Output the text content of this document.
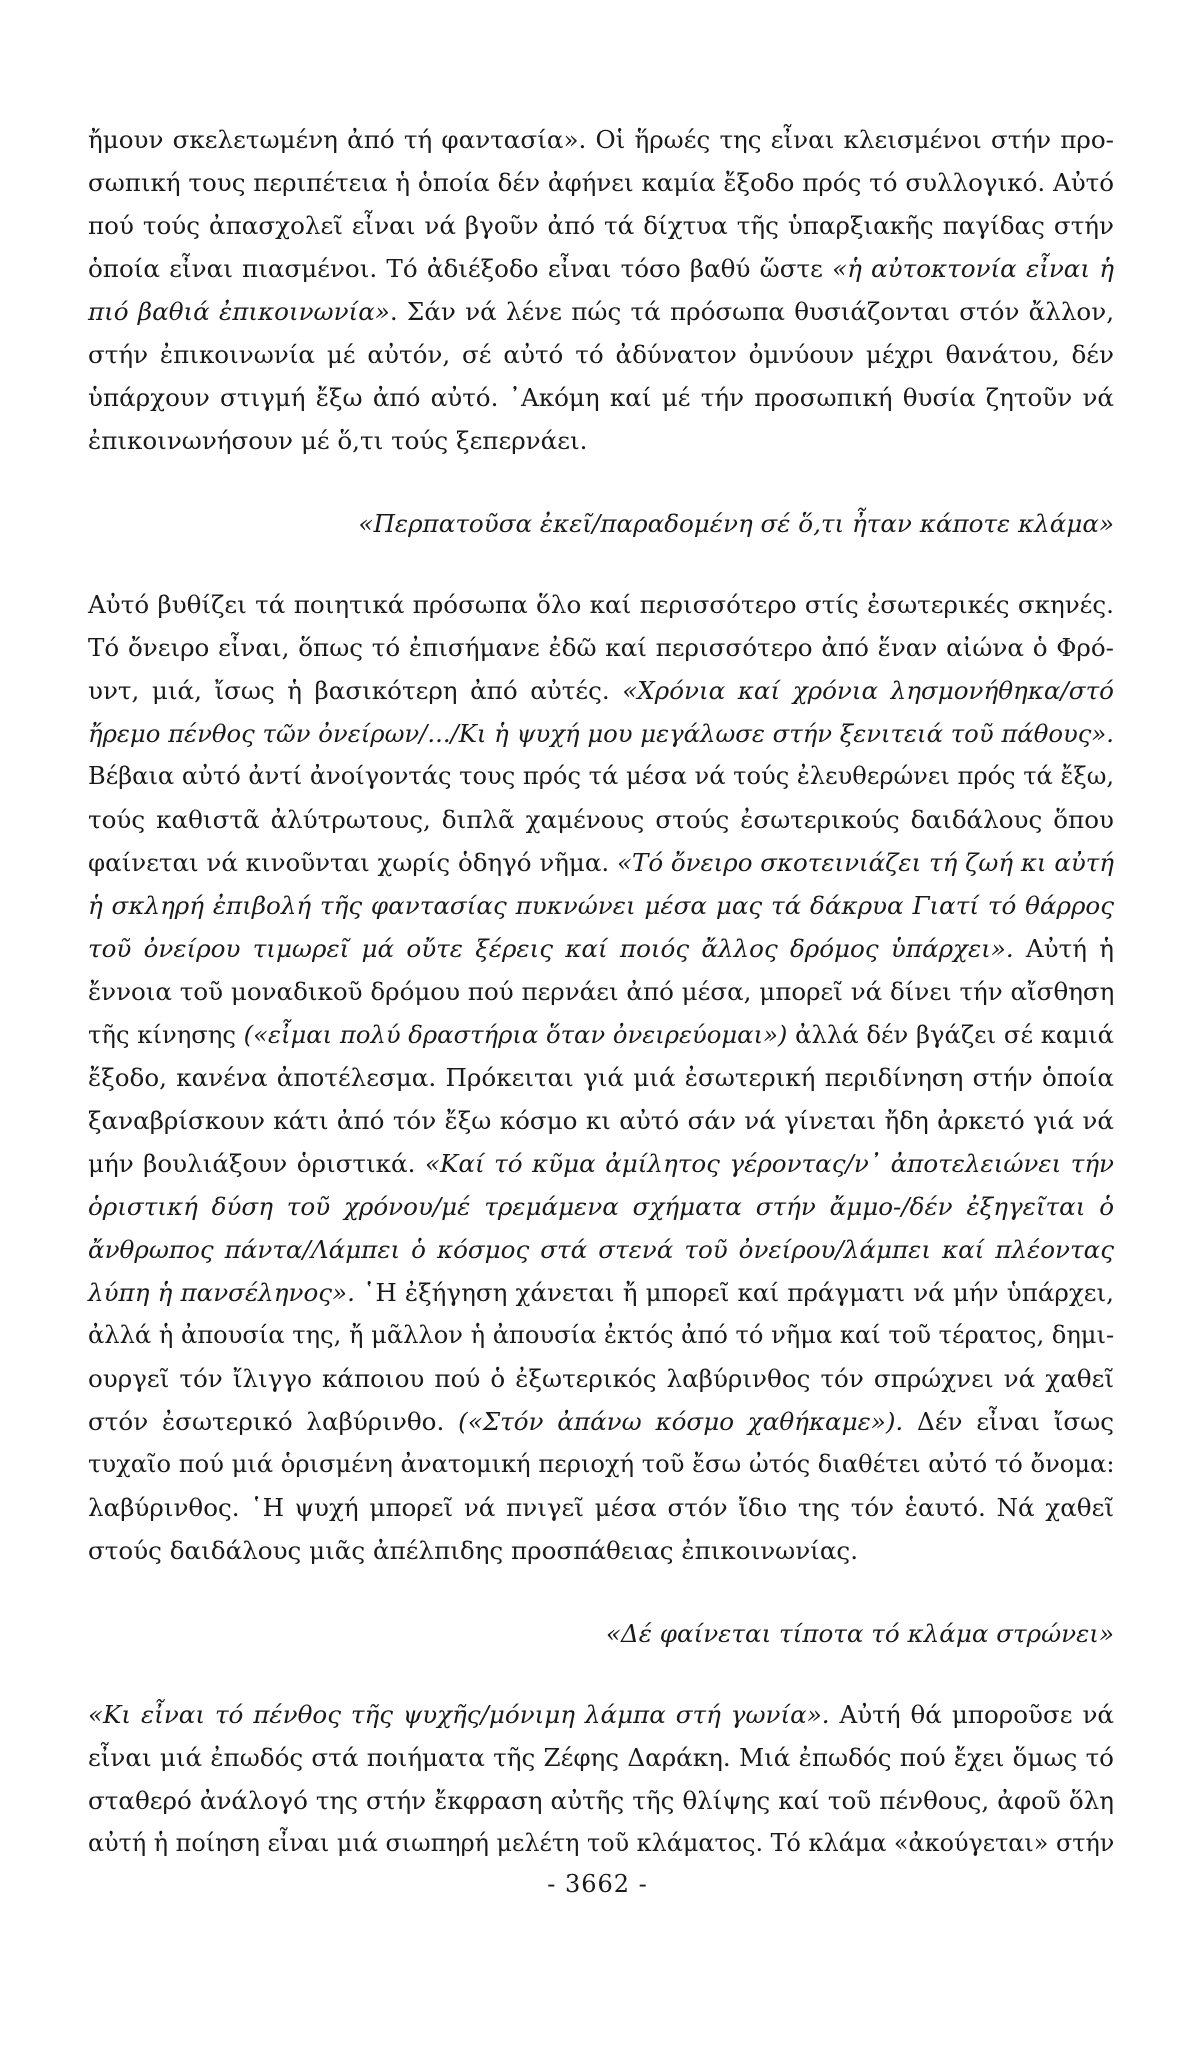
ἤμουν σκελετωμένη ἀπό τή φαντασία». Οἱ ἥρωές της εἶναι κλεισμένοι στήν προ-
σωπική τους περιπέτεια ἡ ὁποία δέν ἀφήνει καμία ἔξοδο πρός τό συλλογικό. Αὐτό
πού τούς ἀπασχολεῖ εἶναι νά βγοῦν ἀπό τά δίχτυα τῆς ὑπαρξιακῆς παγίδας στήν
ὁποία εἶναι πιασμένοι. Τό ἀδιέξοδο εἶναι τόσο βαθύ ὥστε «ἡ αὐτοκτονία εἶναι ἡ
πιό βαθιά ἐπικοινωνία». Σάν νά λένε πώς τά πρόσωπα θυσιάζονται στόν ἄλλον,
στήν ἐπικοινωνία μέ αὐτόν, σέ αὐτό τό ἀδύνατον ὀμνύουν μέχρι θανάτου, δέν
ὑπάρχουν στιγμή ἔξω ἀπό αὐτό. ᾿Ακόμη καί μέ τήν προσωπική θυσία ζητοῦν νά
ἐπικοινωνήσουν μέ ὅ,τι τούς ξεπερνάει.

«Περπατοῦσα ἐκεῖ/παραδομένη σέ ὅ,τι ἦταν κάποτε κλάμα»

Αὐτό βυθίζει τά ποιητικά πρόσωπα ὅλο καί περισσότερο στίς ἐσωτερικές σκηνές.
Τό ὄνειρο εἶναι, ὅπως τό ἐπισήμανε ἐδῶ καί περισσότερο ἀπό ἕναν αἰώνα ὁ Φρό-
υντ, μιά, ἴσως ἡ βασικότερη ἀπό αὐτές. «Χρόνια καί χρόνια λησμονήθηκα/στό
ἤρεμο πένθος τῶν ὀνείρων/.../Κι ἡ ψυχή μου μεγάλωσε στήν ξενιτειά τοῦ πάθους».
Βέβαια αὐτό ἀντί ἀνοίγοντάς τους πρός τά μέσα νά τούς ἐλευθερώνει πρός τά ἔξω,
τούς καθιστᾶ ἀλύτρωτους, διπλᾶ χαμένους στούς ἐσωτερικούς δαιδάλους ὅπου
φαίνεται νά κινοῦνται χωρίς ὁδηγό νῆμα. «Τό ὄνειρο σκοτεινιάζει τή ζωή κι αὐτή
ἡ σκληρή ἐπιβολή τῆς φαντασίας πυκνώνει μέσα μας τά δάκρυα Γιατί τό θάρρος
τοῦ ὀνείρου τιμωρεῖ μά οὔτε ξέρεις καί ποιός ἄλλος δρόμος ὑπάρχει». Αὐτή ἡ
ἔννοια τοῦ μοναδικοῦ δρόμου πού περνάει ἀπό μέσα, μπορεῖ νά δίνει τήν αἴσθηση
τῆς κίνησης («εἶμαι πολύ δραστήρια ὅταν ὀνειρεύομαι») ἀλλά δέν βγάζει σέ καμιά
ἔξοδο, κανένα ἀποτέλεσμα. Πρόκειται γιά μιά ἐσωτερική περιδίνηση στήν ὁποία
ξαναβρίσκουν κάτι ἀπό τόν ἔξω κόσμο κι αὐτό σάν νά γίνεται ἤδη ἀρκετό γιά νά
μήν βουλιάξουν ὁριστικά. «Καί τό κῦμα ἀμίλητος γέροντας/ν᾿ ἀποτελειώνει τήν
ὁριστική δύση τοῦ χρόνου/μέ τρεμάμενα σχήματα στήν ἄμμο-/δέν ἐξηγεῖται ὁ
ἄνθρωπος πάντα/Λάμπει ὁ κόσμος στά στενά τοῦ ὀνείρου/λάμπει καί πλέοντας
λύπη ἡ πανσέληνος». ῾Η ἐξήγηση χάνεται ἤ μπορεῖ καί πράγματι νά μήν ὑπάρχει,
ἀλλά ἡ ἀπουσία της, ἤ μᾶλλον ἡ ἀπουσία ἐκτός ἀπό τό νῆμα καί τοῦ τέρατος, δημι-
ουργεῖ τόν ἴλιγγο κάποιου πού ὁ ἐξωτερικός λαβύρινθος τόν σπρώχνει νά χαθεῖ
στόν ἐσωτερικό λαβύρινθο. («Στόν ἀπάνω κόσμο χαθήκαμε»). Δέν εἶναι ἴσως
τυχαῖο πού μιά ὁρισμένη ἀνατομική περιοχή τοῦ ἔσω ὠτός διαθέτει αὐτό τό ὄνομα:
λαβύρινθος. ῾Η ψυχή μπορεῖ νά πνιγεῖ μέσα στόν ἴδιο της τόν ἑαυτό. Νά χαθεῖ
στούς δαιδάλους μιᾶς ἀπέλπιδης προσπάθειας ἐπικοινωνίας.

«Δέ φαίνεται τίποτα τό κλάμα στρώνει»

«Κι εἶναι τό πένθος τῆς ψυχῆς/μόνιμη λάμπα στή γωνία». Αὐτή θά μποροῦσε νά
εἶναι μιά ἐπωδός στά ποιήματα τῆς Ζέφης Δαράκη. Μιά ἐπωδός πού ἔχει ὅμως τό
σταθερό ἀνάλογό της στήν ἔκφραση αὐτῆς τῆς θλίψης καί τοῦ πένθους, ἀφοῦ ὅλη
αὐτή ἡ ποίηση εἶναι μιά σιωπηρή μελέτη τοῦ κλάματος. Τό κλάμα «ἀκούγεται» στήν

- 3662 -
